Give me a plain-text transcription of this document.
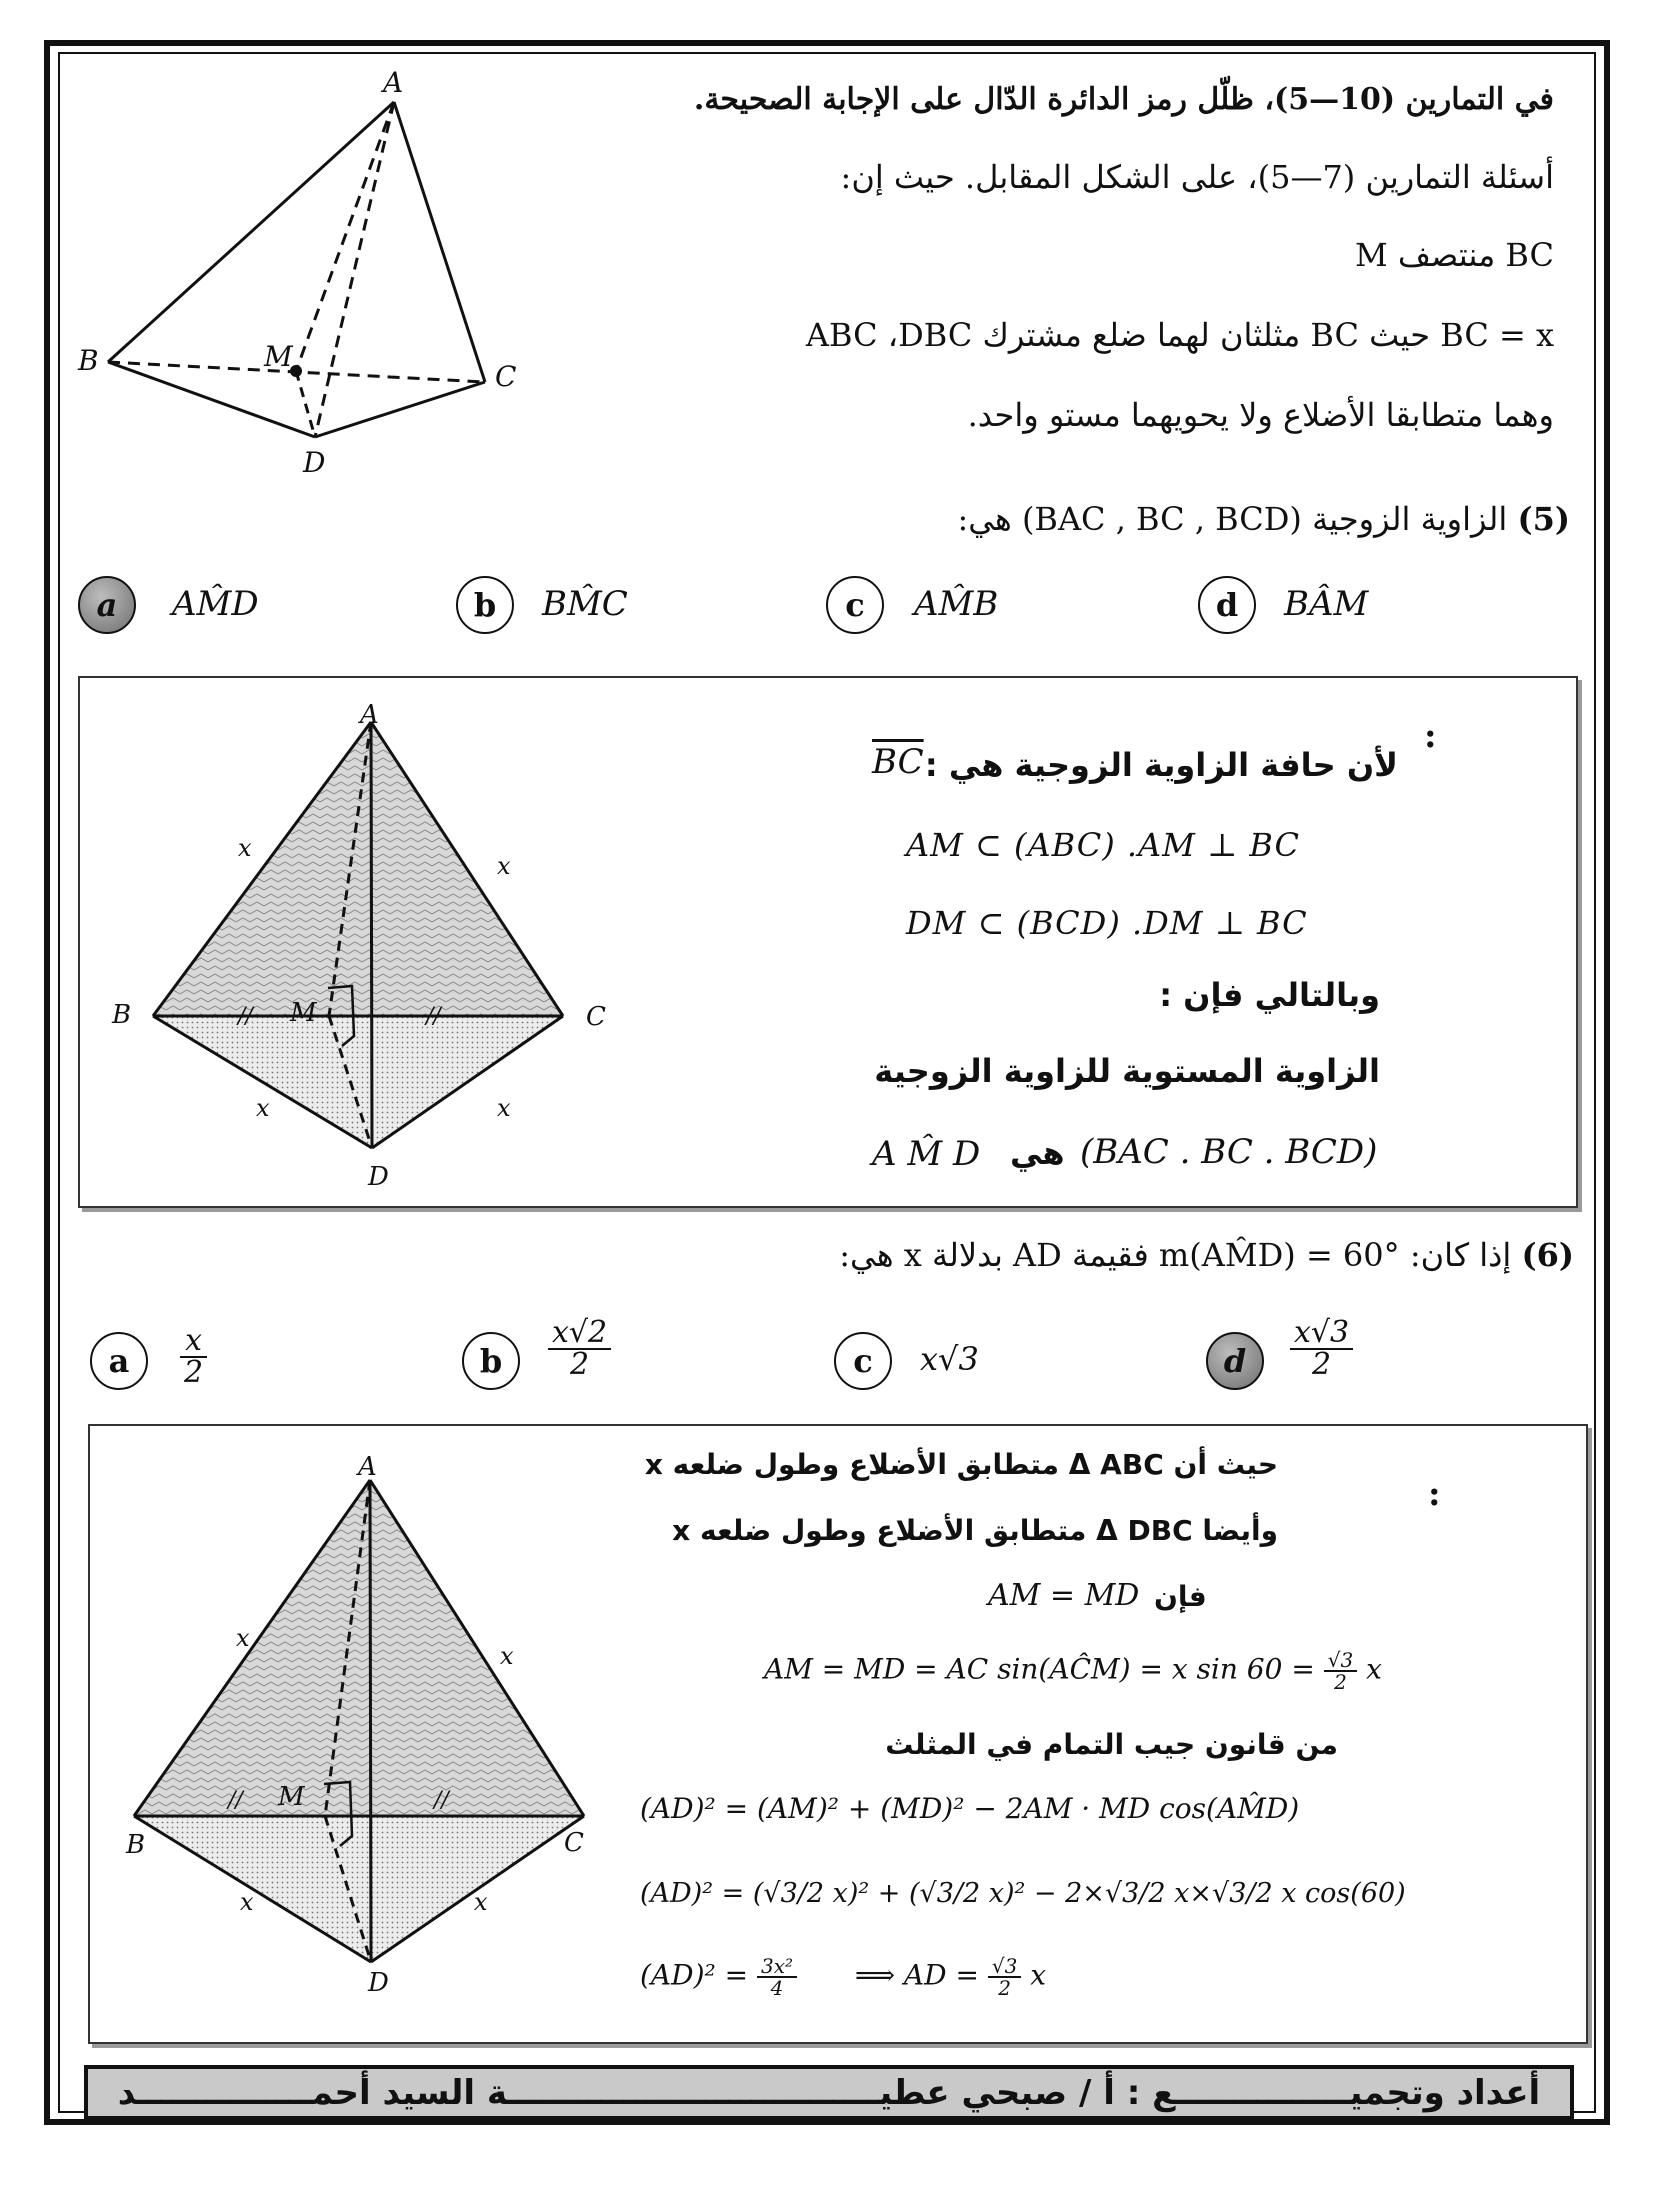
A
B	C
D
M
في التمارين (10—5)، ظلّل رمز الدائرة الدّال على الإجابة الصحيحة.
أسئلة التمارين (7—5)، على الشكل المقابل. حيث إن:
M منتصف BC
ABC ،DBC مثلثان لهما ضلع مشترك BC حيث BC = x
وهما متطابقا الأضلاع ولا يحويهما مستو واحد.
(5) الزاوية الزوجية (BAC , BC , BCD) هي:
a	AM̂D	b	BM̂C	c	AM̂B	d	BÂM
A
B	C
D
M
x
x
x	x
//	//
:
لأن حافة الزاوية الزوجية هي :
$\overline{BC}$
AM ⊂ (ABC) .AM ⊥ BC
DM ⊂ (BCD) .DM ⊥ BC
وبالتالي فإن :
الزاوية المستوية للزاوية الزوجية
A M̂ D هي (BAC . BC . BCD)
(6) إذا كان: m(AM̂D) = 60° فقيمة AD بدلالة x هي:
a	$\frac{x}{2}$	b	$\frac{x√2}{2}$	c	x√3	d	$\frac{x√3}{2}$
A
B	C
D
M
x
x
x	x
//	//
:
حيث أن Δ ABC متطابق الأضلاع وطول ضلعه x
وأيضا Δ DBC متطابق الأضلاع وطول ضلعه x
AM = MD فإن
AM = MD = AC sin(AĈM) = x $\sin 60 = \frac{√3}{2}$ x
من قانون جيب التمام في المثلث
(AD)² = (AM)² + (MD)² − 2AM · MD cos(AM̂D)
(AD)² = (√3/2 x)² + (√3/2 x)² − 2×√3/2 x×√3/2 x cos(60)
$(AD)^2 = \frac{\text{3x²}}{4}$ ⟹ AD = $\frac{√3}{2}$ x
أعداد وتجميـــــــــــــــع : أ / صبحي عطيــــــــــــــــــــــــــــــــة السيد أحمـــــــــــــــد
